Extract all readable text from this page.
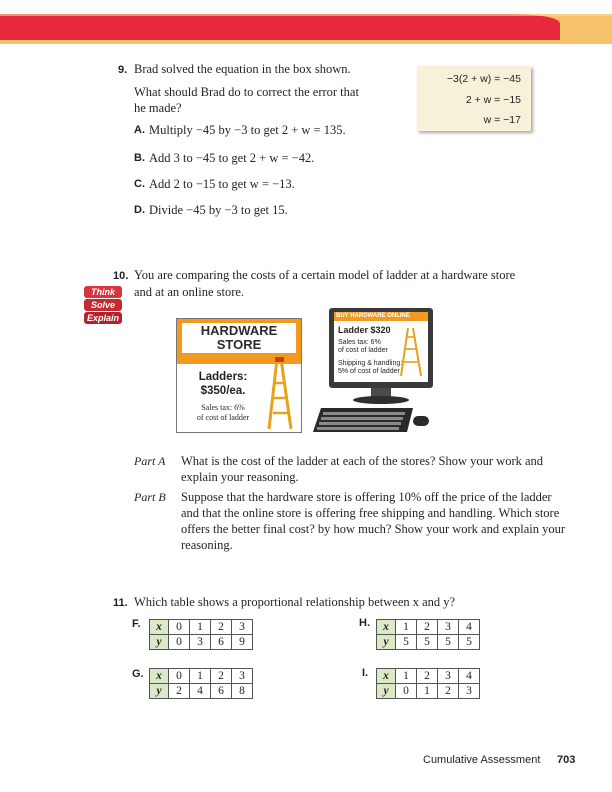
9. Brad solved the equation in the box shown.
What should Brad do to correct the error that
he made?
A. Multiply −45 by −3 to get 2 + w = 135.
B. Add 3 to −45 to get 2 + w = −42.
C. Add 2 to −15 to get w = −13.
D. Divide −45 by −3 to get 15.
−3(2 + w) = −45
2 + w = −15
w = −17
10. You are comparing the costs of a certain model of ladder at a hardware store
and at an online store.
Think
Solve
Explain
HARDWARE
STORE
Ladders:
$350/ea.
Sales tax: 6%
of cost of ladder
BUY HARDWARE ONLINE
Ladder $320
Sales tax: 6%
of cost of ladder
Shipping & handling:
5% of cost of ladder
Part A What is the cost of the ladder at each of the stores? Show your work and
explain your reasoning.
Part B Suppose that the hardware store is offering 10% off the price of the ladder
and that the online store is offering free shipping and handling. Which store
offers the better final cost? by how much? Show your work and explain your
reasoning.
11. Which table shows a proportional relationship between x and y?
F. x	0	1	2	3
y	0	3	6	9
G. x	0	1	2	3
y	2	4	6	8
H. x	1	2	3	4
y	5	5	5	5
I. x	1	2	3	4
y	0	1	2	3
Cumulative Assessment 703
